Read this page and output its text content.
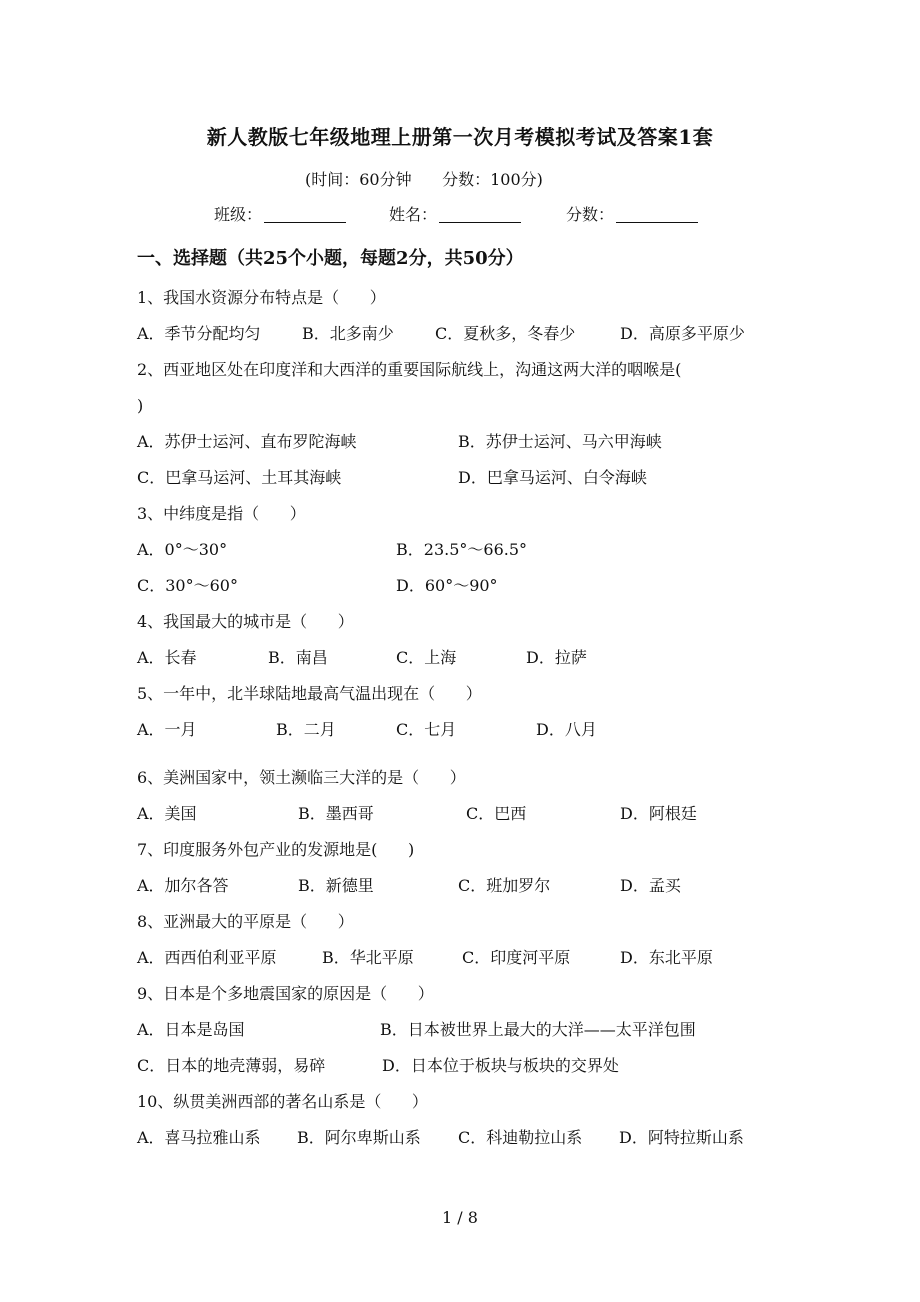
新人教版七年级地理上册第一次月考模拟考试及答案1套
(时间：60分钟      分数：100分)
班级：	姓名：	分数：
一、选择题（共25个小题，每题2分，共50分）
1、我国水资源分布特点是（      ）
A．季节分配均匀	B．北多南少	C．夏秋多，冬春少	D．高原多平原少
2、西亚地区处在印度洋和大西洋的重要国际航线上，沟通这两大洋的咽喉是(
)
A．苏伊士运河、直布罗陀海峡	B．苏伊士运河、马六甲海峡
C．巴拿马运河、土耳其海峡	D．巴拿马运河、白令海峡
3、中纬度是指（      ）
A．0°～30°	B．23.5°～66.5°
C．30°～60°	D．60°～90°
4、我国最大的城市是（      ）
A．长春	B．南昌	C．上海	D．拉萨
5、一年中，北半球陆地最高气温出现在（      ）
A．一月	B．二月	C．七月	D．八月
6、美洲国家中，领土濒临三大洋的是（      ）
A．美国	B．墨西哥	C．巴西	D．阿根廷
7、印度服务外包产业的发源地是(      )
A．加尔各答	B．新德里	C．班加罗尔	D．孟买
8、亚洲最大的平原是（      ）
A．西西伯利亚平原	B．华北平原	C．印度河平原	D．东北平原
9、日本是个多地震国家的原因是（      ）
A．日本是岛国	B．日本被世界上最大的大洋——太平洋包围
C．日本的地壳薄弱，易碎	D．日本位于板块与板块的交界处
10、纵贯美洲西部的著名山系是（      ）
A．喜马拉雅山系 B．阿尔卑斯山系 C．科迪勒拉山系 D．阿特拉斯山系
1 / 8
